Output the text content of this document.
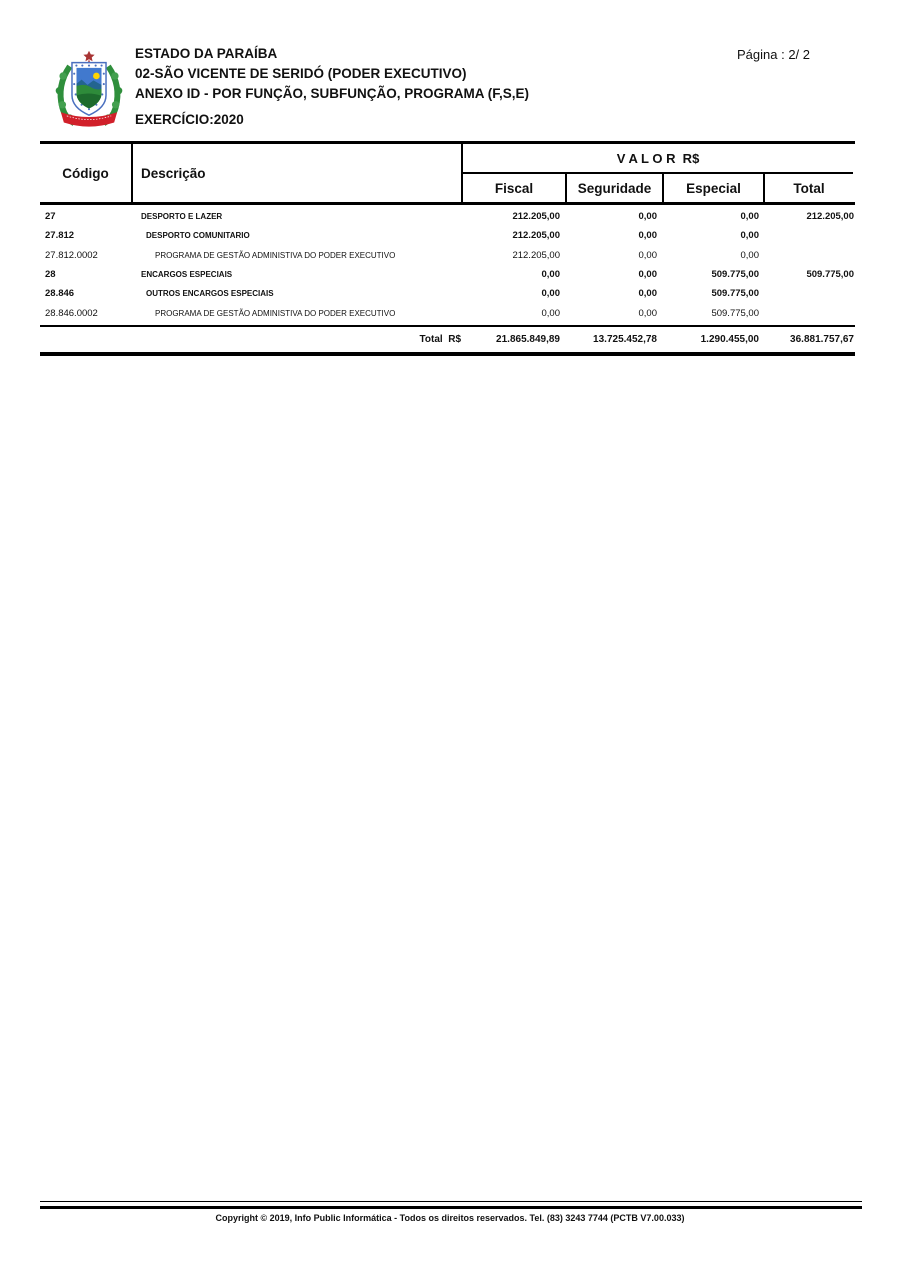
ESTADO DA PARAÍBA
02-SÃO VICENTE DE SERIDÓ (PODER EXECUTIVO)
ANEXO ID - POR FUNÇÃO, SUBFUNÇÃO, PROGRAMA (F,S,E)
EXERCÍCIO:2020
Página : 2/ 2
Código	Descrição
V A L O R  R$
Fiscal	Seguridade	Especial	Total
27	DESPORTO E LAZER	212.205,00	0,00	0,00	212.205,00
27.812	DESPORTO COMUNITARIO	212.205,00	0,00	0,00
27.812.0002	PROGRAMA DE GESTÃO ADMINISTIVA DO PODER EXECUTIVO	212.205,00	0,00	0,00
28	ENCARGOS ESPECIAIS	0,00	0,00	509.775,00	509.775,00
28.846	OUTROS ENCARGOS ESPECIAIS	0,00	0,00	509.775,00
28.846.0002	PROGRAMA DE GESTÃO ADMINISTIVA DO PODER EXECUTIVO	0,00	0,00	509.775,00
Total  R$	21.865.849,89	13.725.452,78	1.290.455,00	36.881.757,67
Copyright © 2019, Info Public Informática - Todos os direitos reservados. Tel. (83) 3243 7744 (PCTB V7.00.033)
